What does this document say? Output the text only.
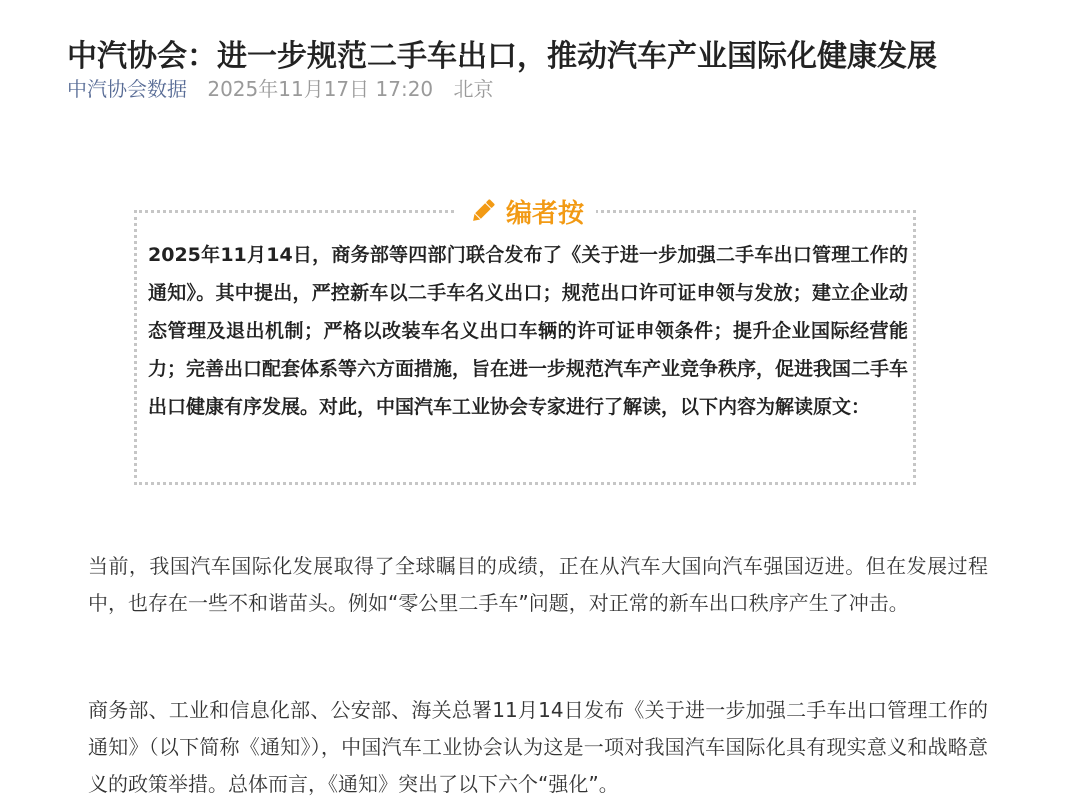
中汽协会：进一步规范二手车出口，推动汽车产业国际化健康发展
中汽协会数据 2025年11月17日 17:20 北京
编者按
2025年11月14日，商务部等四部门联合发布了《关于进一步加强二手车出口管理工作的通知》。其中提出，严控新车以二手车名义出口；规范出口许可证申领与发放；建立企业动态管理及退出机制；严格以改装车名义出口车辆的许可证申领条件；提升企业国际经营能力；完善出口配套体系等六方面措施，旨在进一步规范汽车产业竞争秩序，促进我国二手车出口健康有序发展。对此，中国汽车工业协会专家进行了解读，以下内容为解读原文：

当前，我国汽车国际化发展取得了全球瞩目的成绩，正在从汽车大国向汽车强国迈进。但在发展过程中，也存在一些不和谐苗头。例如“零公里二手车”问题，对正常的新车出口秩序产生了冲击。

商务部、工业和信息化部、公安部、海关总署11月14日发布《关于进一步加强二手车出口管理工作的通知》（以下简称《通知》），中国汽车工业协会认为这是一项对我国汽车国际化具有现实意义和战略意义的政策举措。总体而言，《通知》突出了以下六个“强化”。
